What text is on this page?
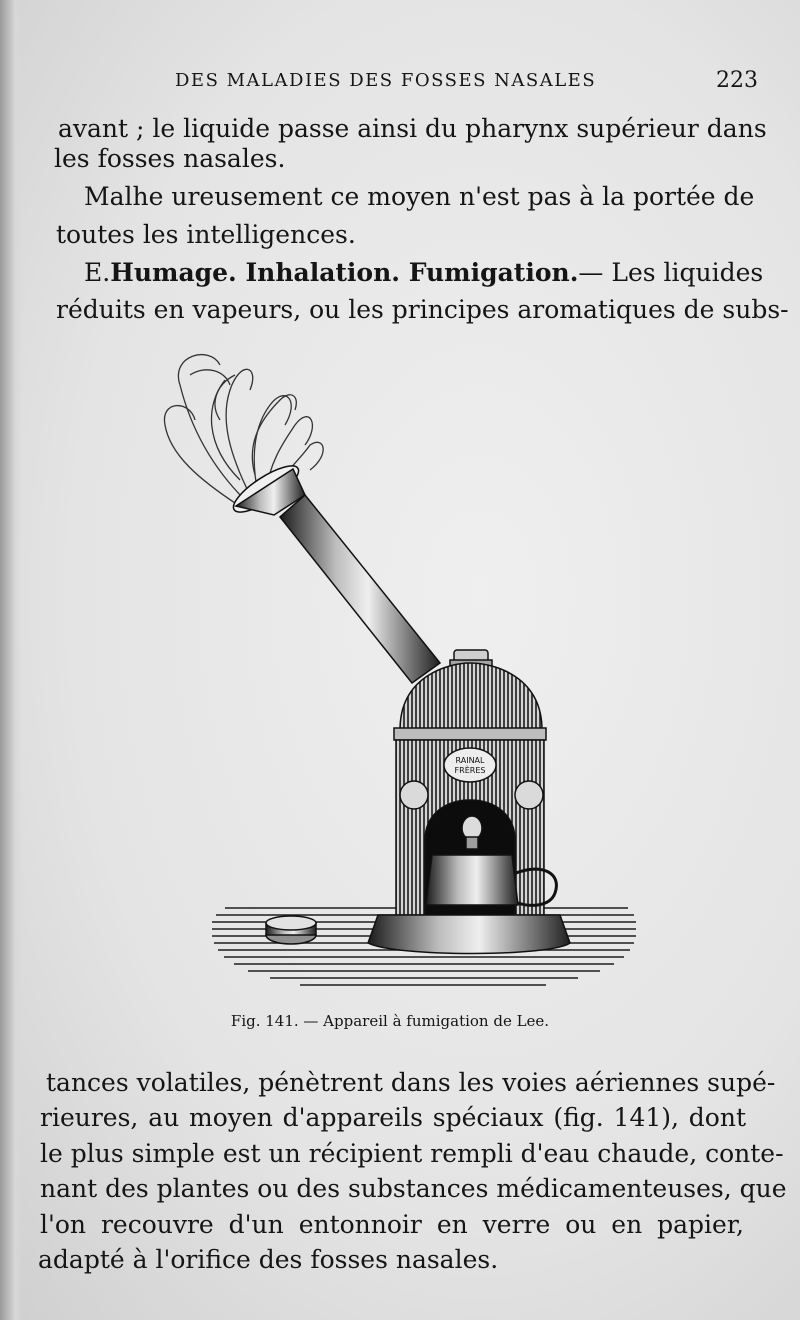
DES MALADIES DES FOSSES NASALES	223
avant ; le liquide passe ainsi du pharynx supérieur dans
les fosses nasales.
Malhe ureusement ce moyen n'est pas à la portée de
toutes les intelligences.
E. Humage. Inhalation. Fumigation. — Les liquides
réduits en vapeurs, ou les principes aromatiques de subs-
RAINAL
FRÈRES
Fig. 141. — Appareil à fumigation de Lee.
tances volatiles, pénètrent dans les voies aériennes supé-
rieures, au moyen d'appareils spéciaux (fig. 141), dont
le plus simple est un récipient rempli d'eau chaude, conte-
nant des plantes ou des substances médicamenteuses, que
l'on recouvre d'un entonnoir en verre ou en papier,
adapté à l'orifice des fosses nasales.
